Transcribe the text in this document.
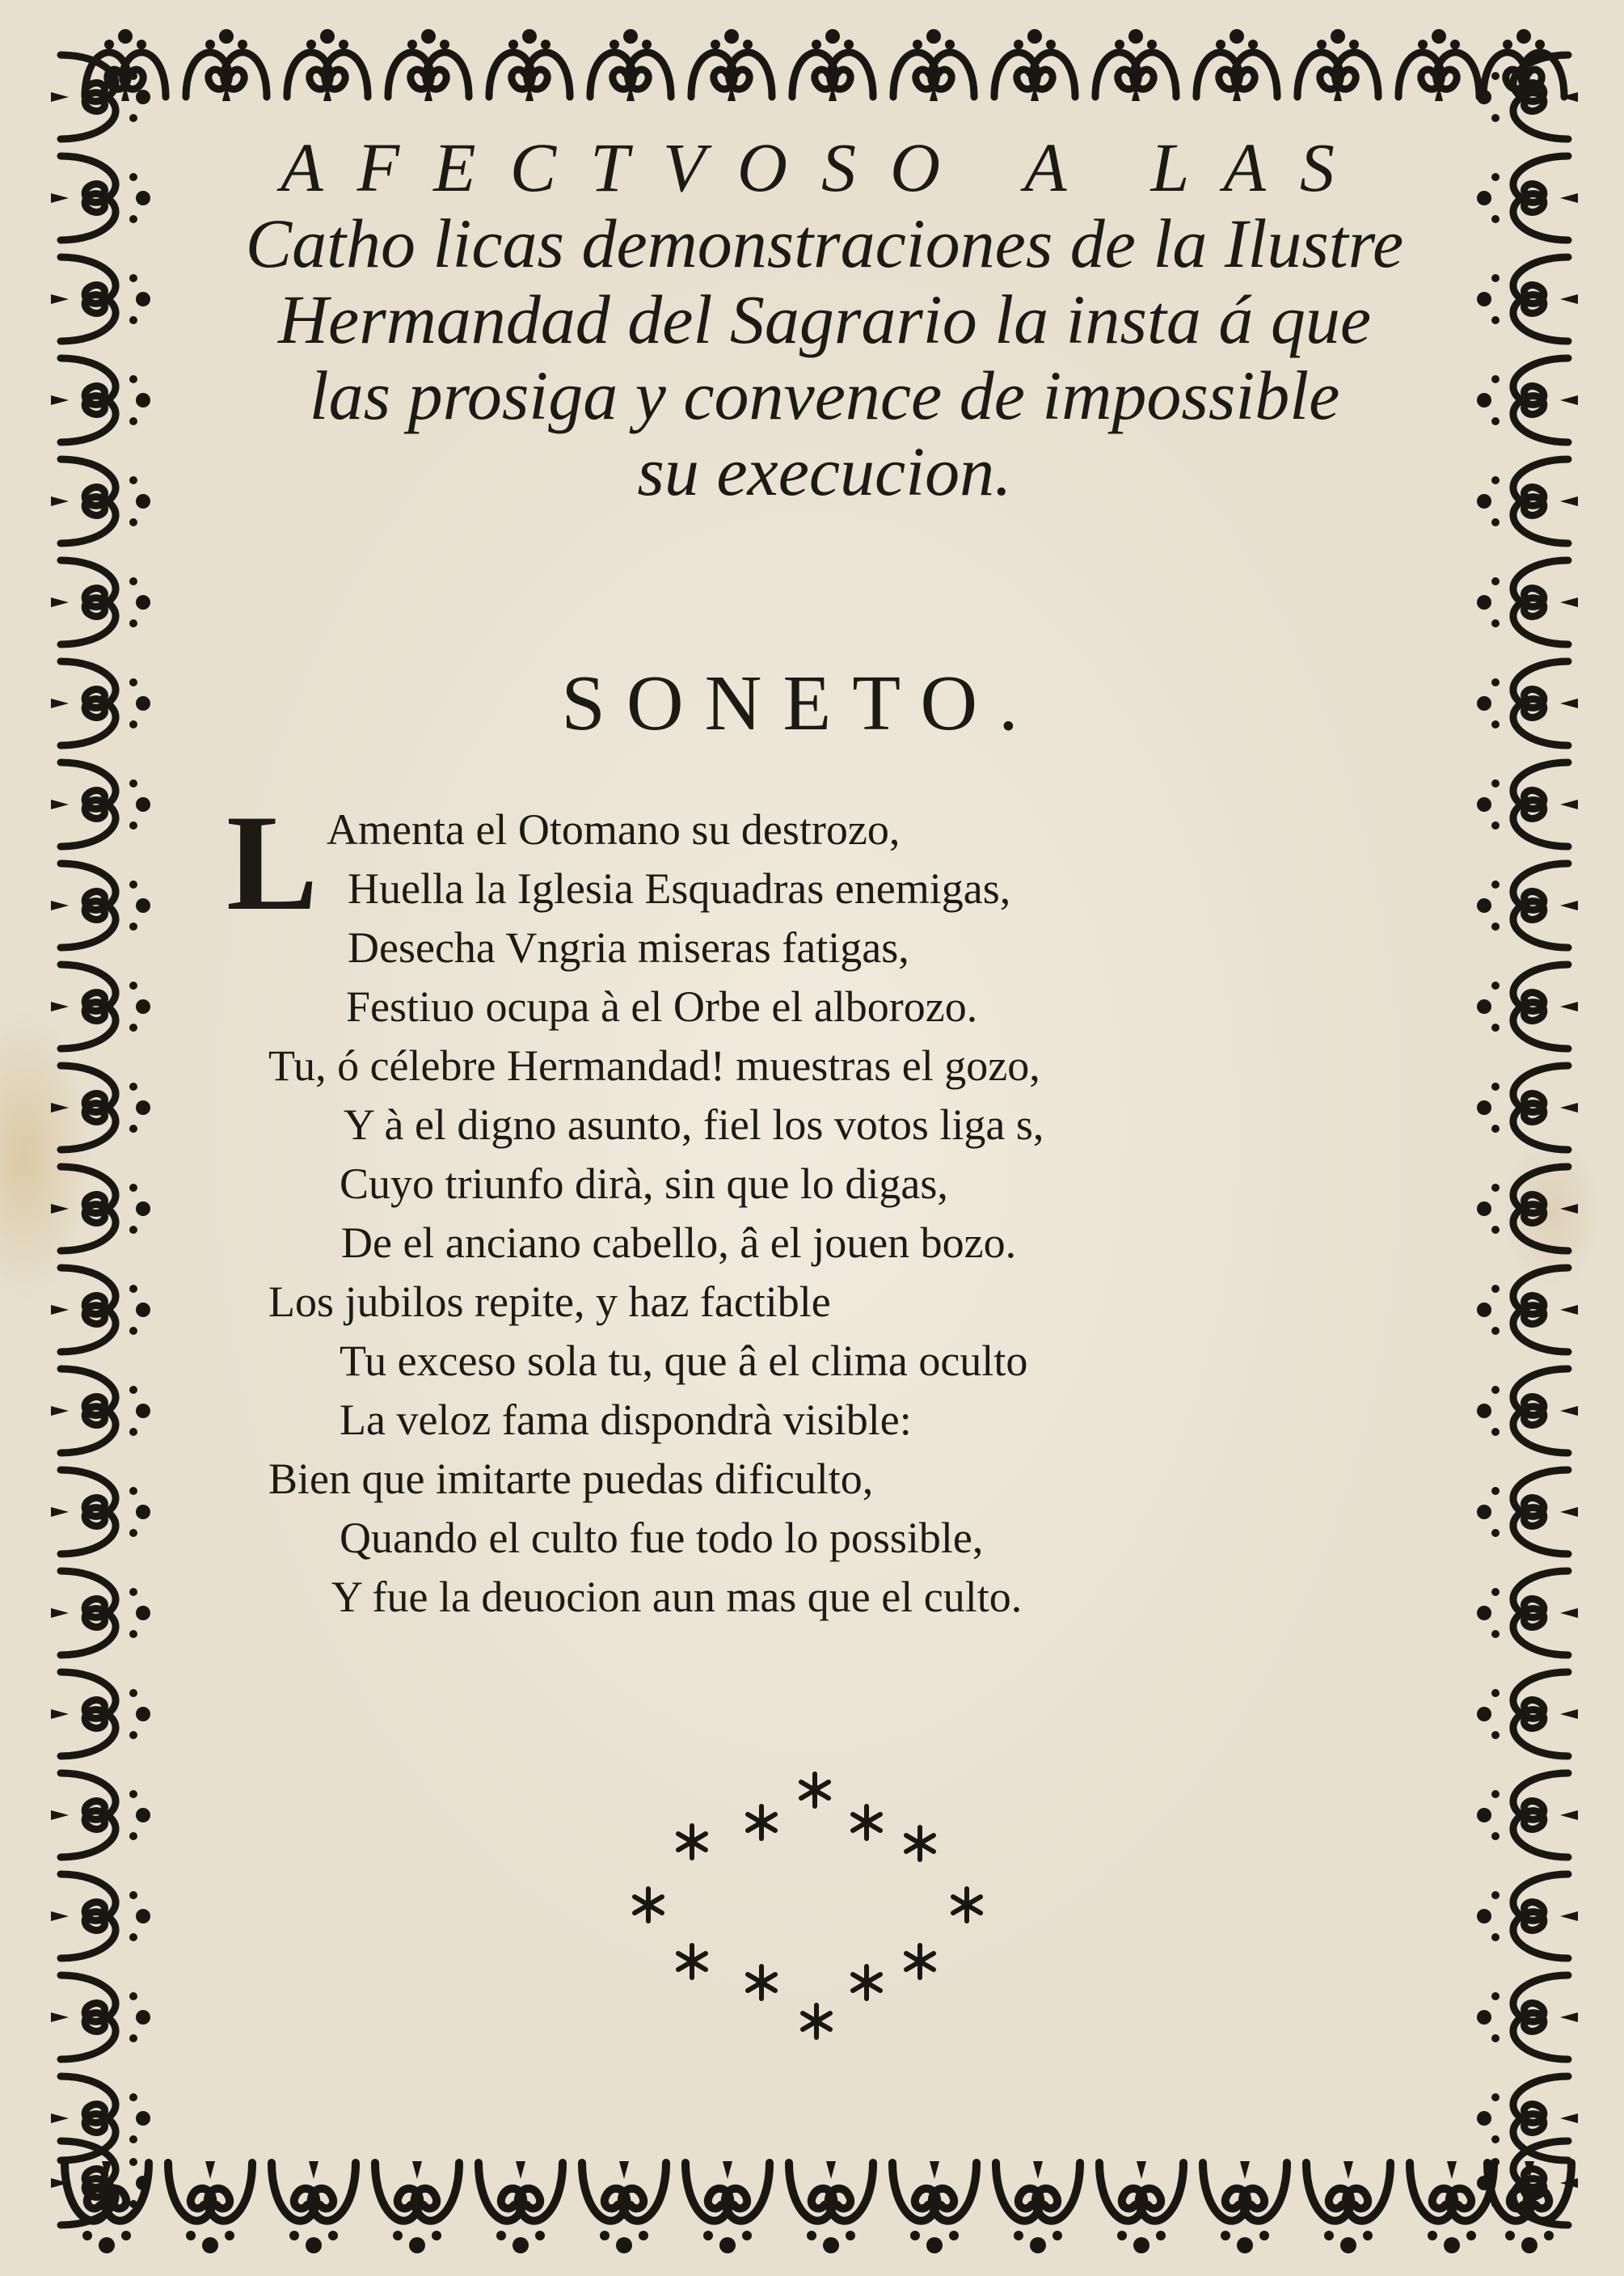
AFECTVOSO A LAS
Catho licas demonstraciones de la Ilustre
Hermandad del Sagrario la insta á que
las prosiga y convence de impossible
su execucion.
SONETO.
L Amenta el Otomano su destrozo,
Huella la Iglesia Esquadras enemigas,
Desecha Vngria miseras fatigas,
Festiuo ocupa à el Orbe el alborozo.
Tu, ó célebre Hermandad! muestras el gozo,
Y à el digno asunto, fiel los votos liga s,
Cuyo triunfo dirà, sin que lo digas,
De el anciano cabello, â el jouen bozo.
Los jubilos repite, y haz factible
Tu exceso sola tu, que â el clima oculto
La veloz fama dispondrà visible:
Bien que imitarte puedas dificulto,
Quando el culto fue todo lo possible,
Y fue la deuocion aun mas que el culto.
